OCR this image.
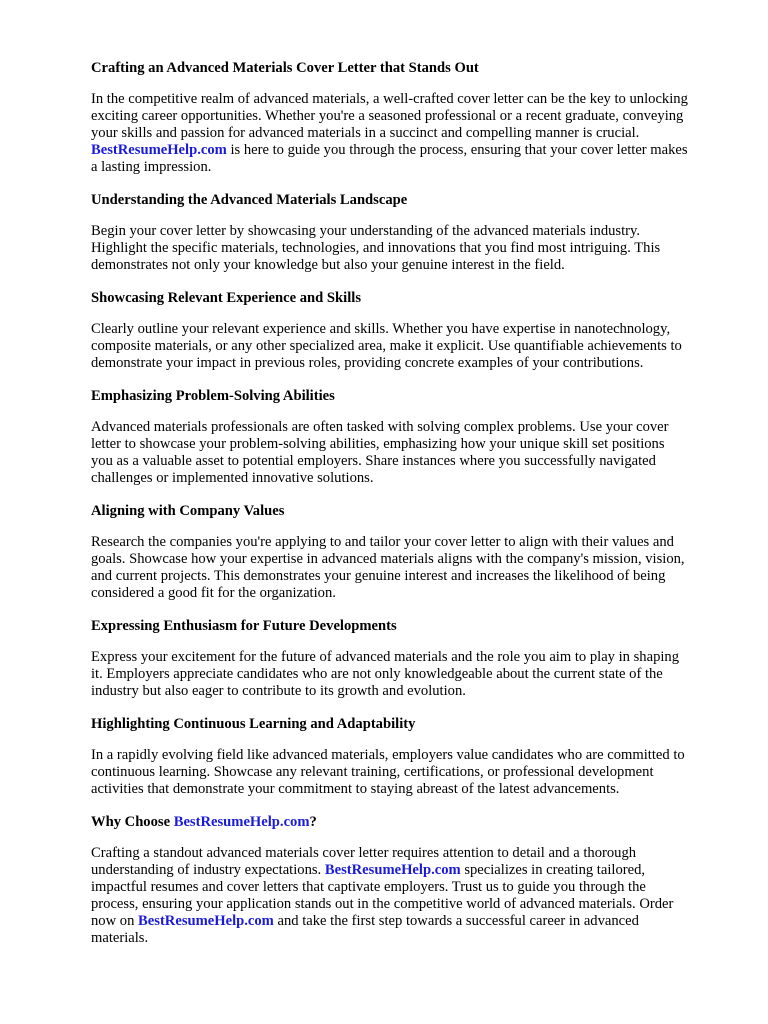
Crafting an Advanced Materials Cover Letter that Stands Out

In the competitive realm of advanced materials, a well-crafted cover letter can be the key to unlocking exciting career opportunities. Whether you're a seasoned professional or a recent graduate, conveying your skills and passion for advanced materials in a succinct and compelling manner is crucial. BestResumeHelp.com is here to guide you through the process, ensuring that your cover letter makes a lasting impression.

Understanding the Advanced Materials Landscape

Begin your cover letter by showcasing your understanding of the advanced materials industry. Highlight the specific materials, technologies, and innovations that you find most intriguing. This demonstrates not only your knowledge but also your genuine interest in the field.

Showcasing Relevant Experience and Skills

Clearly outline your relevant experience and skills. Whether you have expertise in nanotechnology, composite materials, or any other specialized area, make it explicit. Use quantifiable achievements to demonstrate your impact in previous roles, providing concrete examples of your contributions.

Emphasizing Problem-Solving Abilities

Advanced materials professionals are often tasked with solving complex problems. Use your cover letter to showcase your problem-solving abilities, emphasizing how your unique skill set positions you as a valuable asset to potential employers. Share instances where you successfully navigated challenges or implemented innovative solutions.

Aligning with Company Values

Research the companies you're applying to and tailor your cover letter to align with their values and goals. Showcase how your expertise in advanced materials aligns with the company's mission, vision, and current projects. This demonstrates your genuine interest and increases the likelihood of being considered a good fit for the organization.

Expressing Enthusiasm for Future Developments

Express your excitement for the future of advanced materials and the role you aim to play in shaping it. Employers appreciate candidates who are not only knowledgeable about the current state of the industry but also eager to contribute to its growth and evolution.

Highlighting Continuous Learning and Adaptability

In a rapidly evolving field like advanced materials, employers value candidates who are committed to continuous learning. Showcase any relevant training, certifications, or professional development activities that demonstrate your commitment to staying abreast of the latest advancements.

Why Choose BestResumeHelp.com?

Crafting a standout advanced materials cover letter requires attention to detail and a thorough understanding of industry expectations. BestResumeHelp.com specializes in creating tailored, impactful resumes and cover letters that captivate employers. Trust us to guide you through the process, ensuring your application stands out in the competitive world of advanced materials. Order now on BestResumeHelp.com and take the first step towards a successful career in advanced materials.
